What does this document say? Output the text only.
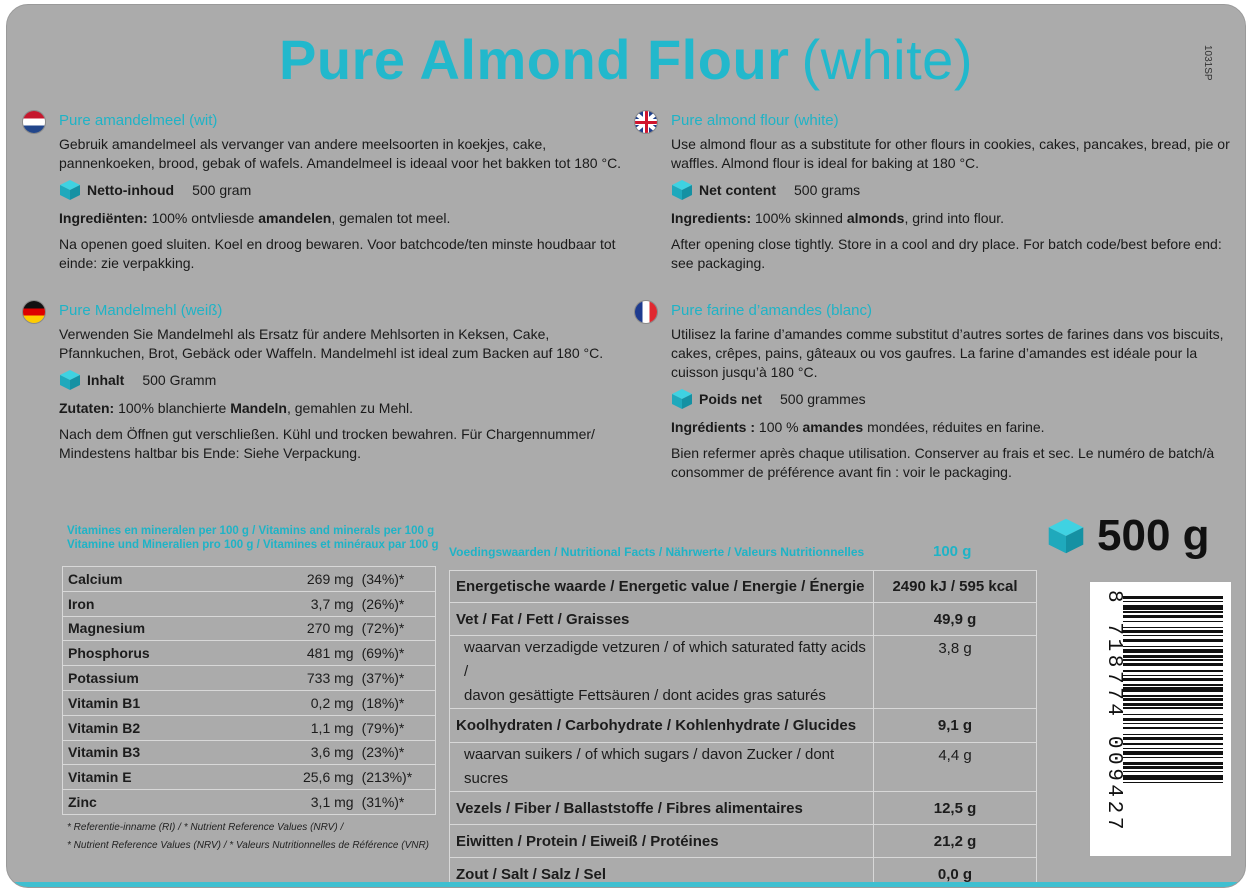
Pure Almond Flour (white)	1031SP
Pure amandelmeel (wit)
Gebruik amandelmeel als vervanger van andere meelsoorten in koekjes, cake, pannenkoeken, brood, gebak of wafels. Amandelmeel is ideaal voor het bakken tot 180 °C.
Netto-inhoud 500 gram
Ingrediënten: 100% ontvliesde amandelen, gemalen tot meel.
Na openen goed sluiten. Koel en droog bewaren. Voor batchcode/ten minste houdbaar tot einde: zie verpakking.
Pure Mandelmehl (weiß)
Verwenden Sie Mandelmehl als Ersatz für andere Mehlsorten in Keksen, Cake, Pfannkuchen, Brot, Gebäck oder Waffeln. Mandelmehl ist ideal zum Backen auf 180 °C.
Inhalt 500 Gramm
Zutaten: 100% blanchierte Mandeln, gemahlen zu Mehl.
Nach dem Öffnen gut verschließen. Kühl und trocken bewahren. Für Chargennummer/ Mindestens haltbar bis Ende: Siehe Verpackung.
Pure almond flour (white)
Use almond flour as a substitute for other flours in cookies, cakes, pancakes, bread, pie or waffles. Almond flour is ideal for baking at 180 °C.
Net content 500 grams
Ingredients: 100% skinned almonds, grind into flour.
After opening close tightly. Store in a cool and dry place. For batch code/best before end: see packaging.
Pure farine d’amandes (blanc)
Utilisez la farine d’amandes comme substitut d’autres sortes de farines dans vos biscuits, cakes, crêpes, pains, gâteaux ou vos gaufres. La farine d’amandes est idéale pour la cuisson jusqu’à 180 °C.
Poids net 500 grammes
Ingrédients : 100 % amandes mondées, réduites en farine.
Bien refermer après chaque utilisation. Conserver au frais et sec. Le numéro de batch/à consommer de préférence avant fin : voir le packaging.
Vitamines en mineralen per 100 g / Vitamins and minerals per 100 g
Vitamine und Mineralien pro 100 g / Vitamines et minéraux par 100 g
Calcium	269 mg	(34%)*
Iron	3,7 mg	(26%)*
Magnesium	270 mg	(72%)*
Phosphorus	481 mg	(69%)*
Potassium	733 mg	(37%)*
Vitamin B1	0,2 mg	(18%)*
Vitamin B2	1,1 mg	(79%)*
Vitamin B3	3,6 mg	(23%)*
Vitamin E	25,6 mg	(213%)*
Zinc	3,1 mg	(31%)*
* Referentie-inname (RI) / * Nutrient Reference Values (NRV) /
* Nutrient Reference Values (NRV) / * Valeurs Nutritionnelles de Référence (VNR)
Voedingswaarden / Nutritional Facts / Nährwerte / Valeurs Nutritionnelles	100 g
Energetische waarde / Energetic value / Energie / Énergie	2490 kJ / 595 kcal
Vet / Fat / Fett / Graisses	49,9 g

waarvan verzadigde vetzuren / of which saturated fatty acids /
davon gesättigte Fettsäuren / dont acides gras saturés	3,8 g
Koolhydraten / Carbohydrate / Kohlenhydrate / Glucides	9,1 g
waarvan suikers / of which sugars / davon Zucker / dont sucres	4,4 g
Vezels / Fiber / Ballaststoffe / Fibres alimentaires	12,5 g
Eiwitten / Protein / Eiweiß / Protéines	21,2 g
Zout / Salt / Salz / Sel	0,0 g
500 g
8 718774 009427
